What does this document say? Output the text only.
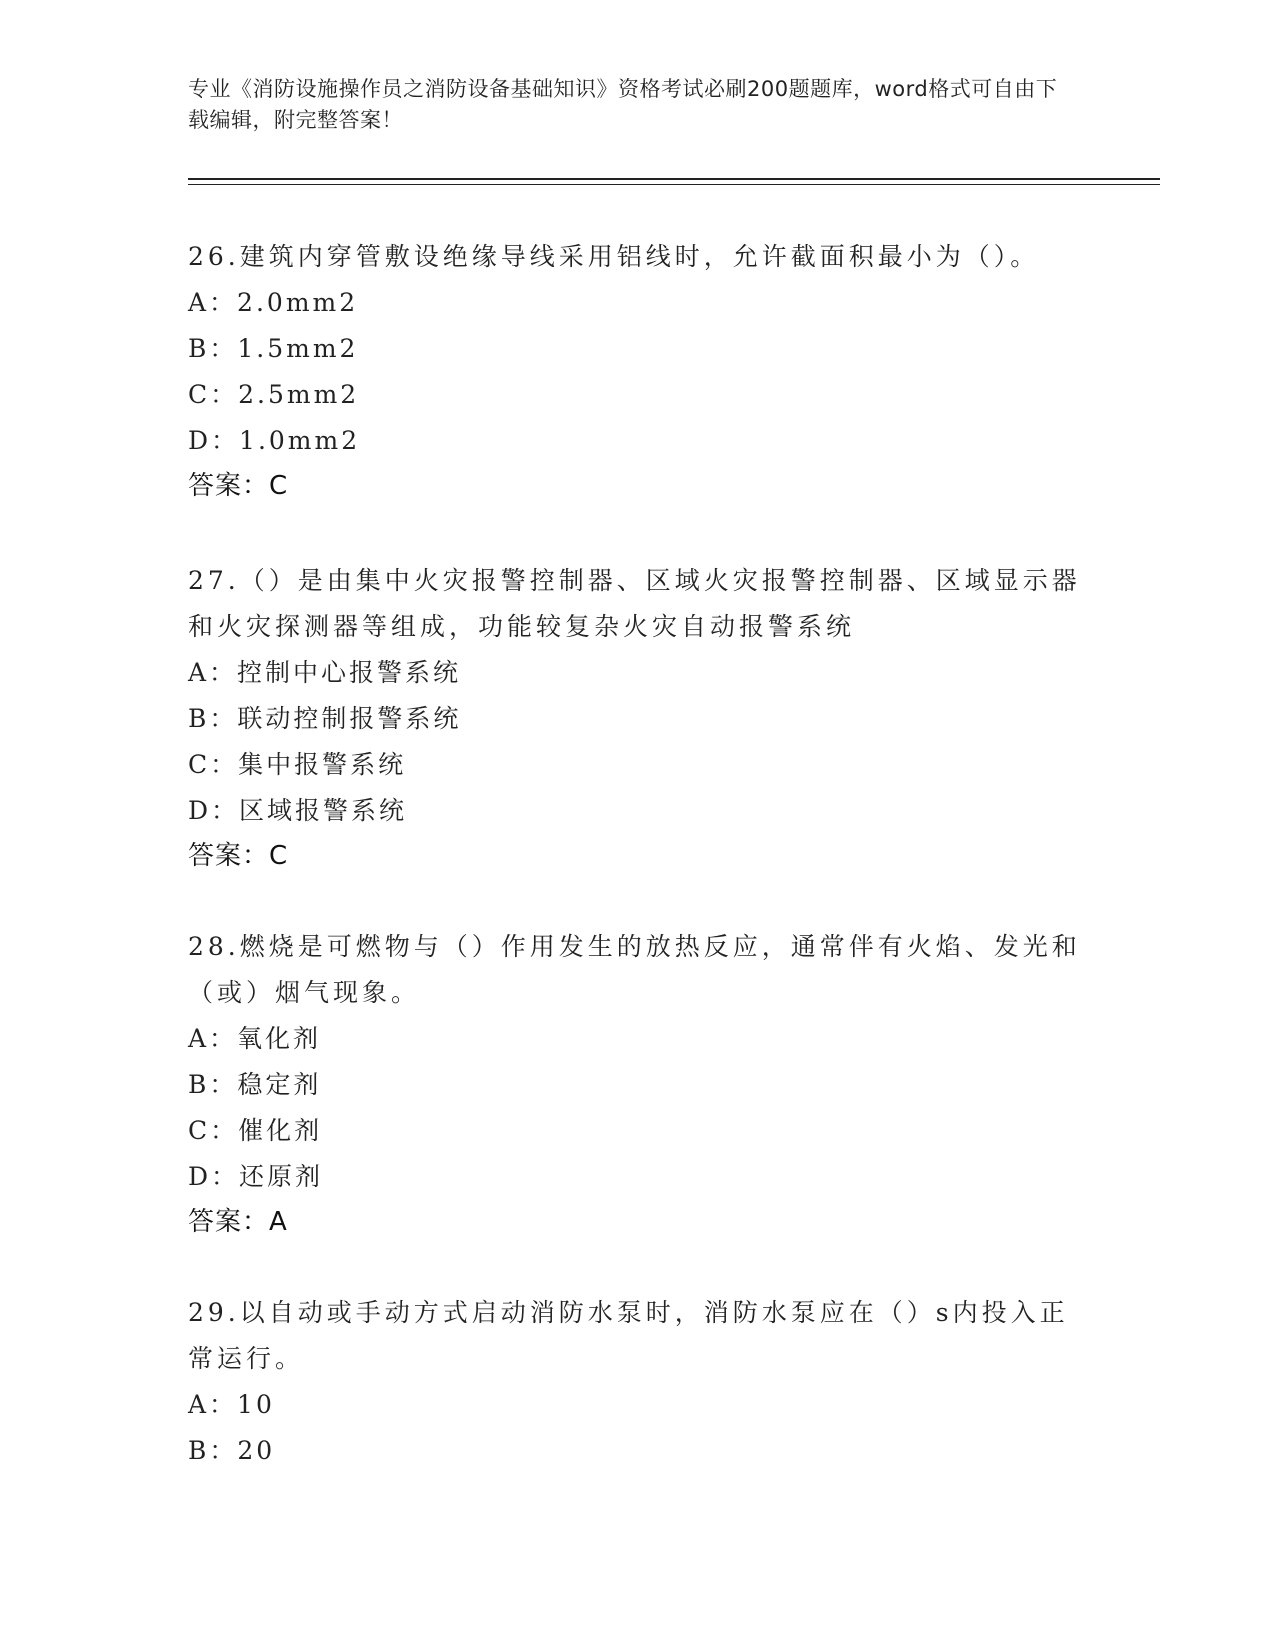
专业《消防设施操作员之消防设备基础知识》资格考试必刷200题题库，word格式可自由下载编辑，附完整答案！

26.建筑内穿管敷设绝缘导线采用铝线时，允许截面积最小为（）。

A：2.0mm2

B：1.5mm2

C：2.5mm2

D：1.0mm2

答案：C

27.（）是由集中火灾报警控制器、区域火灾报警控制器、区域显示器和火灾探测器等组成，功能较复杂火灾自动报警系统

A：控制中心报警系统

B：联动控制报警系统

C：集中报警系统

D：区域报警系统

答案：C

28.燃烧是可燃物与（）作用发生的放热反应，通常伴有火焰、发光和（或）烟气现象。

A：氧化剂

B：稳定剂

C：催化剂

D：还原剂

答案：A

29.以自动或手动方式启动消防水泵时，消防水泵应在（）s内投入正常运行。

A：10

B：20
